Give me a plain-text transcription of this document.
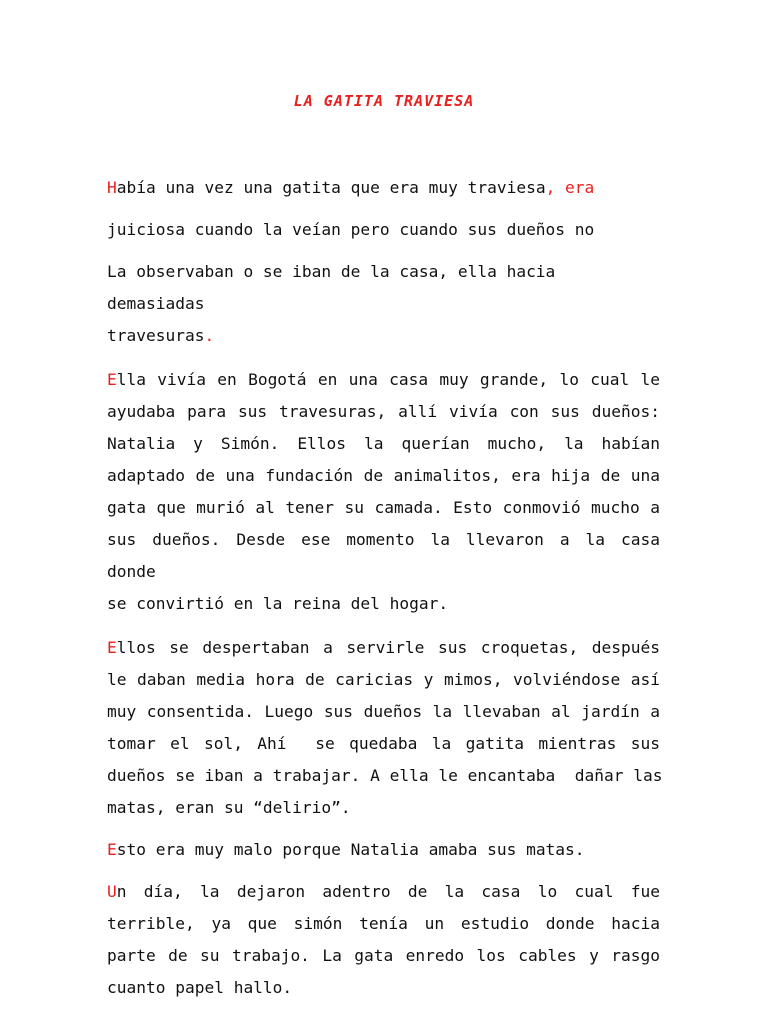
LA GATITA TRAVIESA
Había una vez una gatita que era muy traviesa, era
juiciosa cuando la veían pero cuando sus dueños no
La observaban o se iban de la casa, ella hacia demasiadas
travesuras.
Ella vivía en Bogotá en una casa muy grande, lo cual le
ayudaba para sus travesuras, allí vivía con sus dueños:
Natalia y Simón. Ellos la querían mucho, la habían
adaptado de una fundación de animalitos, era hija de una
gata que murió al tener su camada. Esto conmovió mucho a
sus dueños. Desde ese momento la llevaron a la casa donde
se convirtió en la reina del hogar.
Ellos se despertaban a servirle sus croquetas, después
le daban media hora de caricias y mimos, volviéndose así
muy consentida. Luego sus dueños la llevaban al jardín a
tomar el sol, Ahí  se quedaba la gatita mientras sus
dueños se iban a trabajar. A ella le encantaba  dañar las
matas, eran su “delirio”.
Esto era muy malo porque Natalia amaba sus matas.
Un día, la dejaron adentro de la casa lo cual fue
terrible, ya que simón tenía un estudio donde hacia
parte de su trabajo. La gata enredo los cables y rasgo
cuanto papel hallo.
